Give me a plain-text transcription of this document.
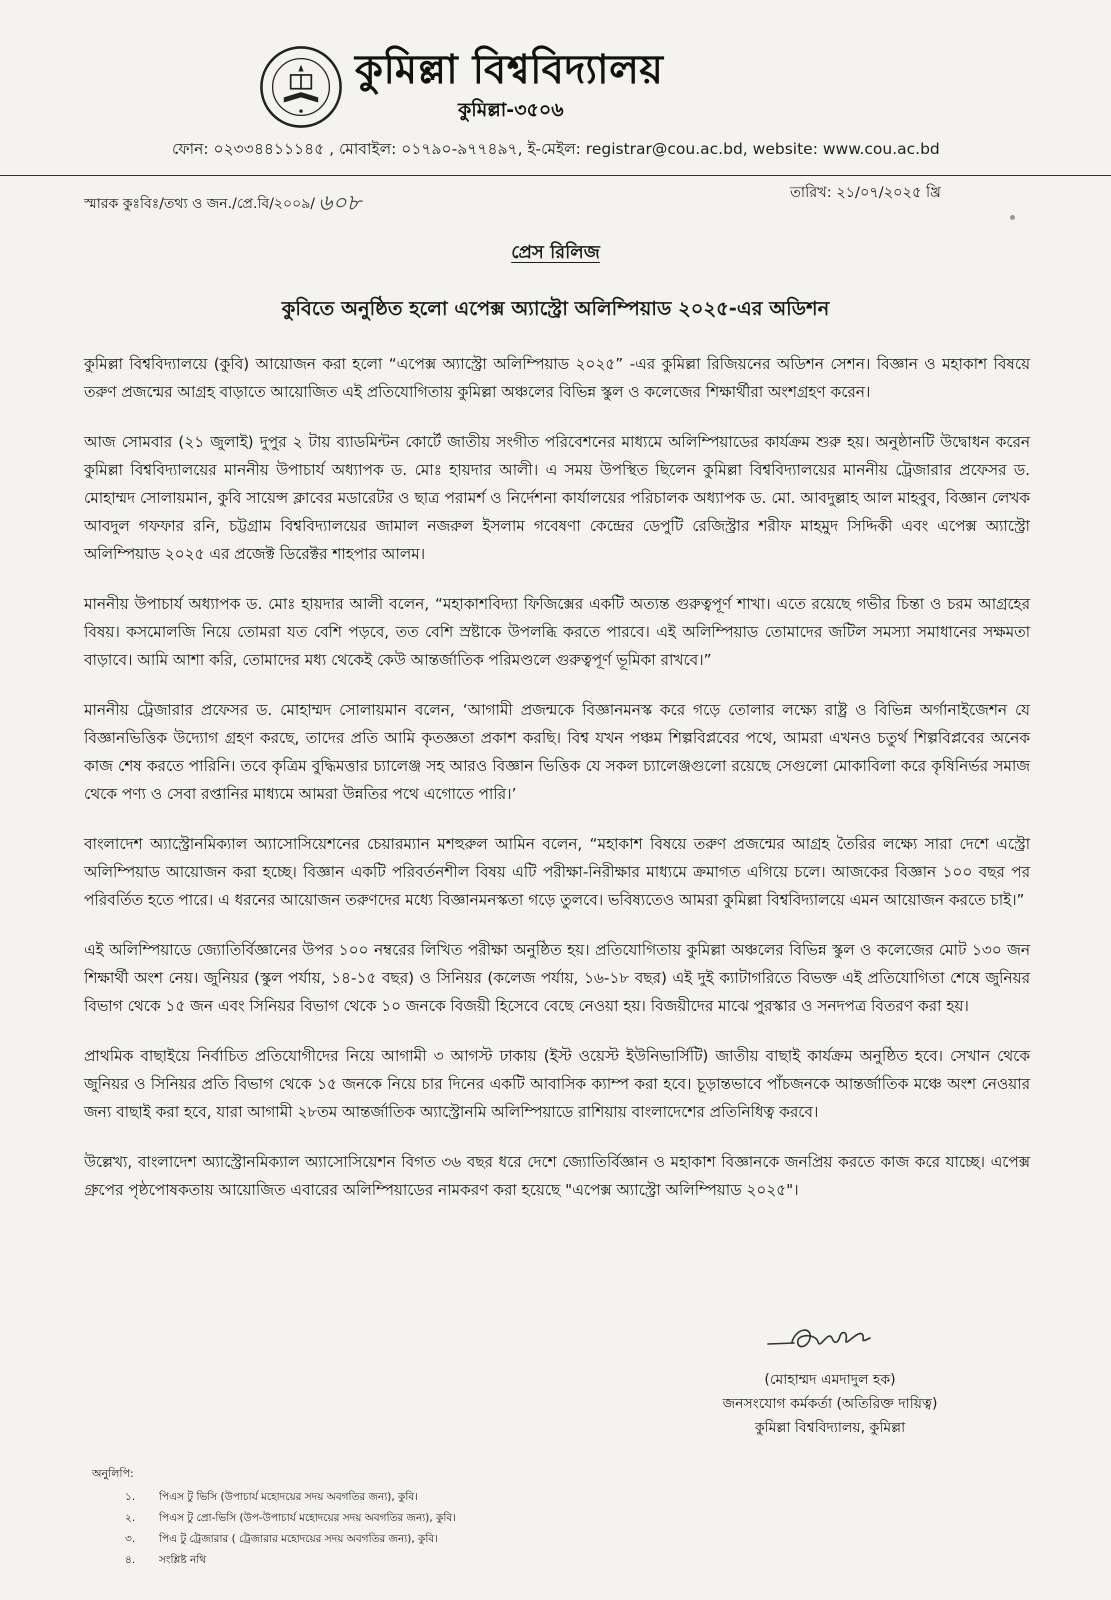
কুমিল্লা বিশ্ববিদ্যালয়
কুমিল্লা-৩৫০৬
ফোন: ০২৩৩৪৪১১১৪৫ , মোবাইল: ০১৭৯০-৯৭৭৪৯৭, ই-মেইল: registrar@cou.ac.bd, website: www.cou.ac.bd
স্মারক কুঃবিঃ/তথ্য ও জন./প্রে.বি/২০০৯/ ৬০৮	তারিখ: ২১/০৭/২০২৫ খ্রি
প্রেস রিলিজ
কুবিতে অনুষ্ঠিত হলো এপেক্স অ্যাস্ট্রো অলিম্পিয়াড ২০২৫-এর অডিশন

কুমিল্লা বিশ্ববিদ্যালয়ে (কুবি) আয়োজন করা হলো “এপেক্স অ্যাস্ট্রো অলিম্পিয়াড ২০২৫” -এর কুমিল্লা রিজিয়নের অডিশন সেশন। বিজ্ঞান ও মহাকাশ বিষয়ে তরুণ প্রজন্মের আগ্রহ বাড়াতে আয়োজিত এই প্রতিযোগিতায় কুমিল্লা অঞ্চলের বিভিন্ন স্কুল ও কলেজের শিক্ষার্থীরা অংশগ্রহণ করেন।

আজ সোমবার (২১ জুলাই) দুপুর ২ টায় ব্যাডমিন্টন কোর্টে জাতীয় সংগীত পরিবেশনের মাধ্যমে অলিম্পিয়াডের কার্যক্রম শুরু হয়। অনুষ্ঠানটি উদ্বোধন করেন কুমিল্লা বিশ্ববিদ্যালয়ের মাননীয় উপাচার্য অধ্যাপক ড. মোঃ হায়দার আলী। এ সময় উপস্থিত ছিলেন কুমিল্লা বিশ্ববিদ্যালয়ের মাননীয় ট্রেজারার প্রফেসর ড. মোহাম্মদ সোলায়মান, কুবি সায়েন্স ক্লাবের মডারেটর ও ছাত্র পরামর্শ ও নির্দেশনা কার্যালয়ের পরিচালক অধ্যাপক ড. মো. আবদুল্লাহ আল মাহবুব, বিজ্ঞান লেখক আবদুল গফফার রনি, চট্টগ্রাম বিশ্ববিদ্যালয়ের জামাল নজরুল ইসলাম গবেষণা কেন্দ্রের ডেপুটি রেজিস্ট্রার শরীফ মাহমুদ সিদ্দিকী এবং এপেক্স অ্যাস্ট্রো অলিম্পিয়াড ২০২৫ এর প্রজেক্ট ডিরেক্টর শাহপার আলম।

মাননীয় উপাচার্য অধ্যাপক ড. মোঃ হায়দার আলী বলেন, “মহাকাশবিদ্যা ফিজিক্সের একটি অত্যন্ত গুরুত্বপূর্ণ শাখা। এতে রয়েছে গভীর চিন্তা ও চরম আগ্রহের বিষয়। কসমোলজি নিয়ে তোমরা যত বেশি পড়বে, তত বেশি স্রষ্টাকে উপলব্ধি করতে পারবে। এই অলিম্পিয়াড তোমাদের জটিল সমস্যা সমাধানের সক্ষমতা বাড়াবে। আমি আশা করি, তোমাদের মধ্য থেকেই কেউ আন্তর্জাতিক পরিমণ্ডলে গুরুত্বপূর্ণ ভূমিকা রাখবে।”

মাননীয় ট্রেজারার প্রফেসর ড. মোহাম্মদ সোলায়মান বলেন, ‘আগামী প্রজন্মকে বিজ্ঞানমনস্ক করে গড়ে তোলার লক্ষ্যে রাষ্ট্র ও বিভিন্ন অর্গানাইজেশন যে বিজ্ঞানভিত্তিক উদ্যোগ গ্রহণ করছে, তাদের প্রতি আমি কৃতজ্ঞতা প্রকাশ করছি। বিশ্ব যখন পঞ্চম শিল্পবিপ্লবের পথে, আমরা এখনও চতুর্থ শিল্পবিপ্লবের অনেক কাজ শেষ করতে পারিনি। তবে কৃত্রিম বুদ্ধিমত্তার চ্যালেঞ্জ সহ আরও বিজ্ঞান ভিত্তিক যে সকল চ্যালেঞ্জগুলো রয়েছে সেগুলো মোকাবিলা করে কৃষিনির্ভর সমাজ থেকে পণ্য ও সেবা রপ্তানির মাধ্যমে আমরা উন্নতির পথে এগোতে পারি।’

বাংলাদেশ অ্যাস্ট্রোনমিক্যাল অ্যাসোসিয়েশনের চেয়ারম্যান মশহুরুল আমিন বলেন, “মহাকাশ বিষয়ে তরুণ প্রজন্মের আগ্রহ তৈরির লক্ষ্যে সারা দেশে এস্ট্রো অলিম্পিয়াড আয়োজন করা হচ্ছে। বিজ্ঞান একটি পরিবর্তনশীল বিষয় এটি পরীক্ষা-নিরীক্ষার মাধ্যমে ক্রমাগত এগিয়ে চলে। আজকের বিজ্ঞান ১০০ বছর পর পরিবর্তিত হতে পারে। এ ধরনের আয়োজন তরুণদের মধ্যে বিজ্ঞানমনস্কতা গড়ে তুলবে। ভবিষ্যতেও আমরা কুমিল্লা বিশ্ববিদ্যালয়ে এমন আয়োজন করতে চাই।”

এই অলিম্পিয়াডে জ্যোতির্বিজ্ঞানের উপর ১০০ নম্বরের লিখিত পরীক্ষা অনুষ্ঠিত হয়। প্রতিযোগিতায় কুমিল্লা অঞ্চলের বিভিন্ন স্কুল ও কলেজের মোট ১৩০ জন শিক্ষার্থী অংশ নেয়। জুনিয়র (স্কুল পর্যায়, ১৪-১৫ বছর) ও সিনিয়র (কলেজ পর্যায়, ১৬-১৮ বছর) এই দুই ক্যাটাগরিতে বিভক্ত এই প্রতিযোগিতা শেষে জুনিয়র বিভাগ থেকে ১৫ জন এবং সিনিয়র বিভাগ থেকে ১০ জনকে বিজয়ী হিসেবে বেছে নেওয়া হয়। বিজয়ীদের মাঝে পুরস্কার ও সনদপত্র বিতরণ করা হয়।

প্রাথমিক বাছাইয়ে নির্বাচিত প্রতিযোগীদের নিয়ে আগামী ৩ আগস্ট ঢাকায় (ইস্ট ওয়েস্ট ইউনিভার্সিটি) জাতীয় বাছাই কার্যক্রম অনুষ্ঠিত হবে। সেখান থেকে জুনিয়র ও সিনিয়র প্রতি বিভাগ থেকে ১৫ জনকে নিয়ে চার দিনের একটি আবাসিক ক্যাম্প করা হবে। চূড়ান্তভাবে পাঁচজনকে আন্তর্জাতিক মঞ্চে অংশ নেওয়ার জন্য বাছাই করা হবে, যারা আগামী ২৮তম আন্তর্জাতিক অ্যাস্ট্রোনমি অলিম্পিয়াডে রাশিয়ায় বাংলাদেশের প্রতিনিধিত্ব করবে।

উল্লেখ্য, বাংলাদেশ অ্যাস্ট্রোনমিক্যাল অ্যাসোসিয়েশন বিগত ৩৬ বছর ধরে দেশে জ্যোতির্বিজ্ঞান ও মহাকাশ বিজ্ঞানকে জনপ্রিয় করতে কাজ করে যাচ্ছে। এপেক্স গ্রুপের পৃষ্ঠপোষকতায় আয়োজিত এবারের অলিম্পিয়াডের নামকরণ করা হয়েছে "এপেক্স অ্যাস্ট্রো অলিম্পিয়াড ২০২৫"।

(মোহাম্মদ এমদাদুল হক)
জনসংযোগ কর্মকর্তা (অতিরিক্ত দায়িত্ব)
কুমিল্লা বিশ্ববিদ্যালয়, কুমিল্লা
অনুলিপি:
১. পিএস টু ভিসি (উপাচার্য মহোদয়ের সদয় অবগতির জন্য), কুবি।
২. পিএস টু প্রো-ভিসি (উপ-উপাচার্য মহোদয়ের সদয় অবগতির জন্য), কুবি।
৩. পিএ টু ট্রেজারার ( ট্রেজারার মহোদয়ের সদয় অবগতির জন্য), কুবি।
৪. সংশ্লিষ্ট নথি
